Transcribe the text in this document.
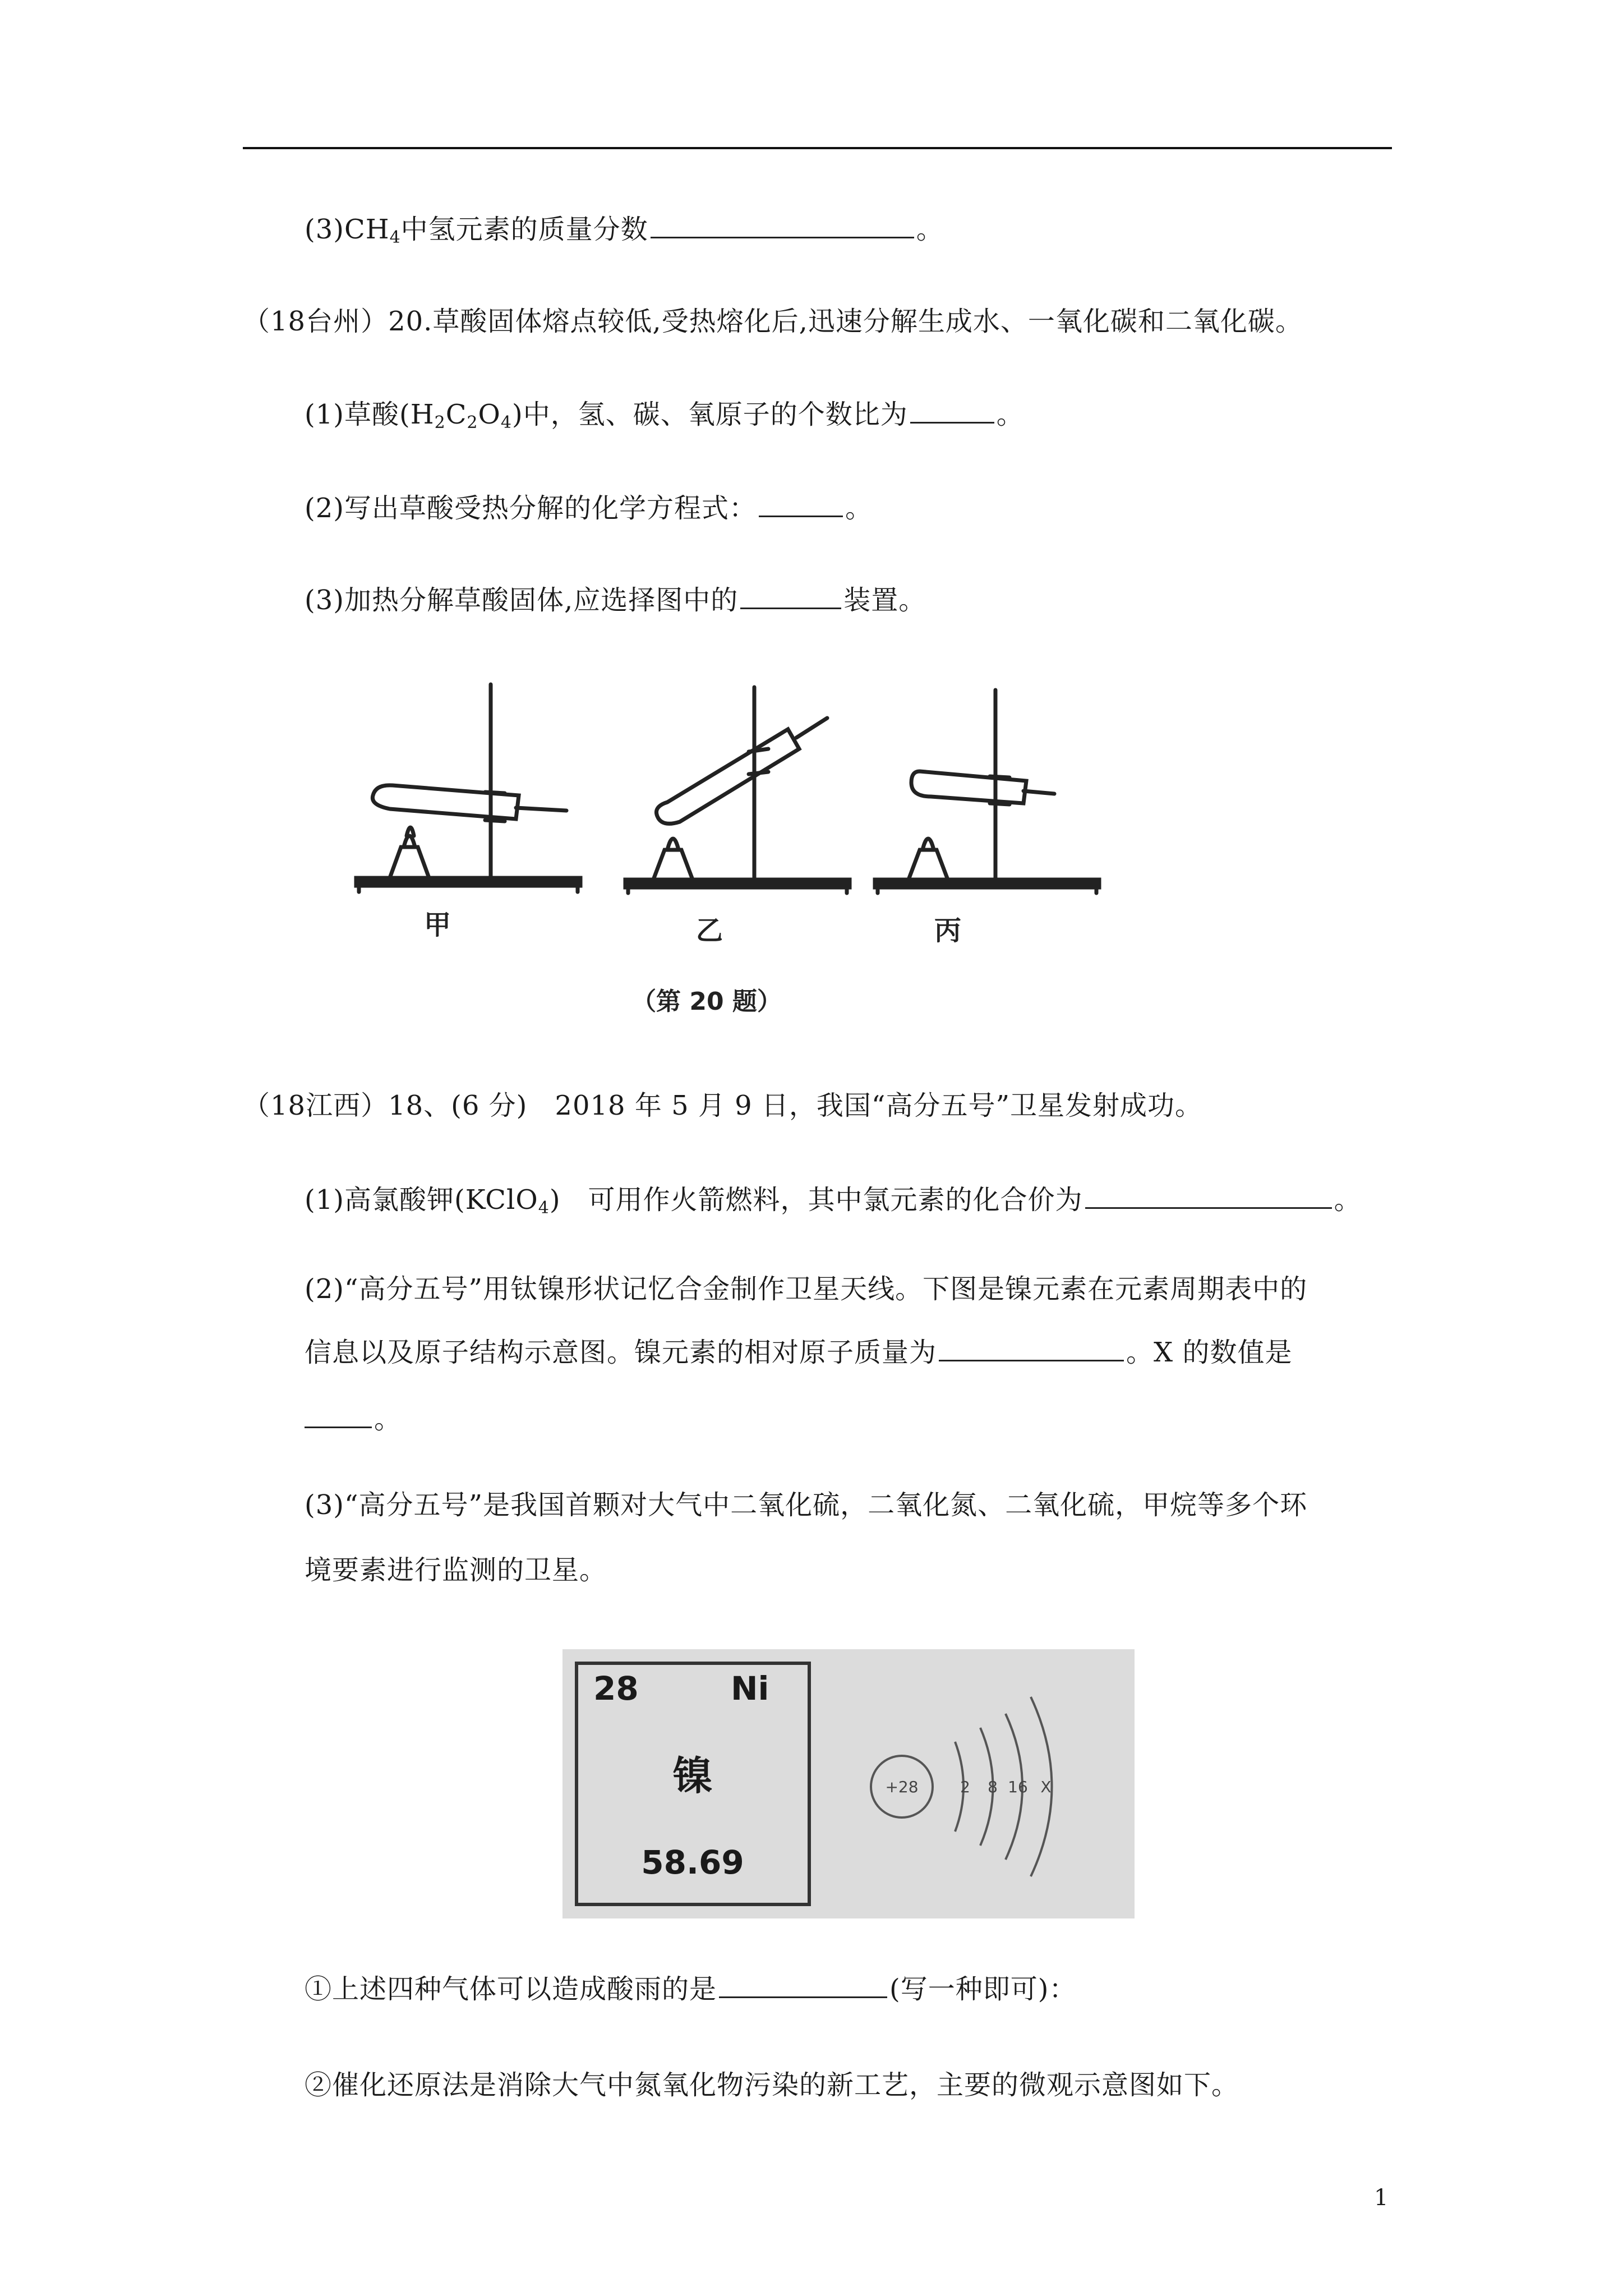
$(3)CH_4$中氢元素的质量分数	。
（18台州）20.草酸固体熔点较低,受热熔化后,迅速分解生成水、一氧化碳和二氧化碳。
(1)草酸$(H_2C_2O_4)$中，氢、碳、氧原子的个数比为	。
(2)写出草酸受热分解的化学方程式：	。
(3)加热分解草酸固体,应选择图中的	装置。
甲	乙	丙
（第 20 题）
（18江西）18、(6 分)　2018 年 5 月 9 日，我国“高分五号”卫星发射成功。
(1)高氯酸钾(KClO$_4$)　可用作火箭燃料，其中氯元素的化合价为	。
(2)“高分五号”用钛镍形状记忆合金制作卫星天线。下图是镍元素在元素周期表中的
信息以及原子结构示意图。镍元素的相对原子质量为	。X 的数值是
。
(3)“高分五号”是我国首颗对大气中二氧化硫，二氧化氮、二氧化硫，甲烷等多个环
境要素进行监测的卫星。
28	Ni
镍
58.69
+28	2 8 16 X
①上述四种气体可以造成酸雨的是	(写一种即可)：
②催化还原法是消除大气中氮氧化物污染的新工艺，主要的微观示意图如下。
1
